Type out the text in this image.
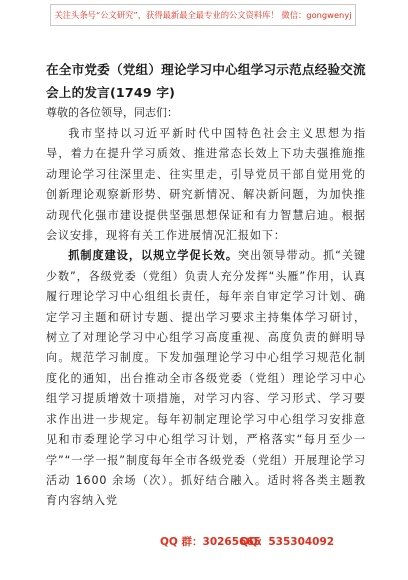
关注头条号“公文研究”，获得最新最全最专业的公文资料库！ 微信：gongwenyj
在全市党委（党组）理论学习中心组学习示范点经验交流会上的发言(1749 字)
尊敬的各位领导，同志们：

我市坚持以习近平新时代中国特色社会主义思想为指导，着力在提升学习质效、推进常态长效上下功夫强推施推动理论学习往深里走、往实里走，引导党员干部自觉用党的创新理论观察新形势、研究新情况、解决新问题，为加快推动现代化强市建设提供坚强思想保证和有力智慧启迪。根据会议安排，现将有关工作进展情况汇报如下：

抓制度建设，以规立学促长效。突出领导带动。抓“关键少数”，各级党委（党组）负责人充分发挥“头雁”作用，认真履行理论学习中心组组长责任，每年亲自审定学习计划、确定学习主题和研讨专题、提出学习要求主持集体学习研讨，树立了对理论学习中心组学习高度重视、高度负责的鲜明导向。规范学习制度。下发加强理论学习中心组学习规范化制度化的通知，出台推动全市各级党委（党组）理论学习中心组学习提质增效十项措施，对学习内容、学习形式、学习要求作出进一步规定。每年初制定理论学习中心组学习安排意见和市委理论学习中心组学习计划，严格落实“每月至少一学”“一学一报”制度每年全市各级党委（党组）开展理论学习活动 1600 余场（次）。抓好结合融入。适时将各类主题教育内容纳入党

QQ 群：30265665
QQ：535304092
